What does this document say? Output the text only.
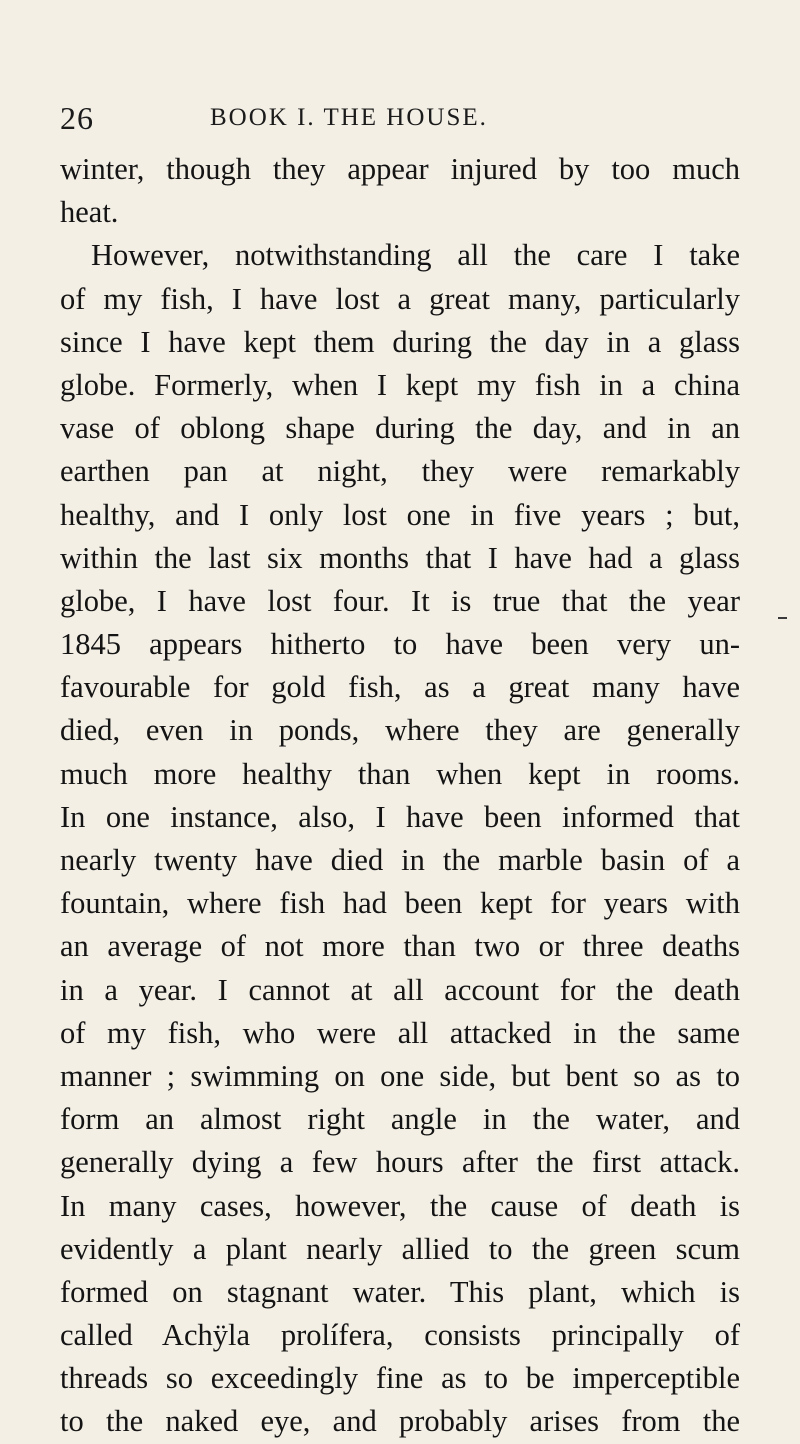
26	BOOK I. THE HOUSE.
winter, though they appear injured by too much
heat.
However, notwithstanding all the care I take
of my fish, I have lost a great many, particularly
since I have kept them during the day in a glass
globe. Formerly, when I kept my fish in a china
vase of oblong shape during the day, and in an
earthen pan at night, they were remarkably
healthy, and I only lost one in five years ; but,
within the last six months that I have had a glass
globe, I have lost four. It is true that the year
1845 appears hitherto to have been very un-
favourable for gold fish, as a great many have
died, even in ponds, where they are generally
much more healthy than when kept in rooms.
In one instance, also, I have been informed that
nearly twenty have died in the marble basin of a
fountain, where fish had been kept for years with
an average of not more than two or three deaths
in a year. I cannot at all account for the death
of my fish, who were all attacked in the same
manner ; swimming on one side, but bent so as to
form an almost right angle in the water, and
generally dying a few hours after the first attack.
In many cases, however, the cause of death is
evidently a plant nearly allied to the green scum
formed on stagnant water. This plant, which is
called Achÿla prolífera, consists principally of
threads so exceedingly fine as to be imperceptible
to the naked eye, and probably arises from the
